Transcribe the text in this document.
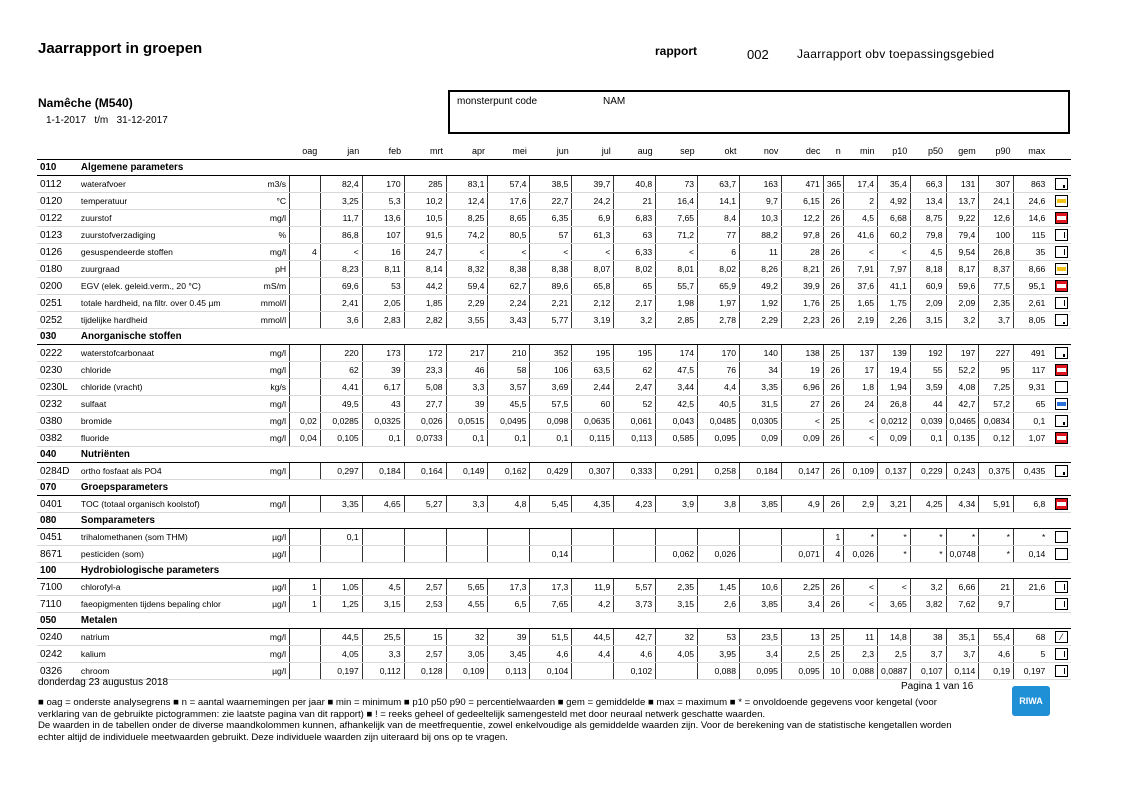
Jaarrapport in groepen	rapport	002 Jaarrapport obv toepassingsgebied
Namêche (M540)
1-1-2017 t/m 31-12-2017
monsterpunt code	NAM
			oag	jan	feb	mrt	apr	mei	jun	jul	aug	sep	okt	nov	dec	n	min	p10	p50	gem	p90	max	
010	Algemene parameters																						
0112	waterafvoer	m3/s		82,4	170	285	83,1	57,4	38,5	39,7	40,8	73	63,7	163	471	365	17,4	35,4	66,3	131	307	863	

0120	temperatuur	°C		3,25	5,3	10,2	12,4	17,6	22,7	24,2	21	16,4	14,1	9,7	6,15	26	2	4,92	13,4	13,7	24,1	24,6	

0122	zuurstof	mg/l		11,7	13,6	10,5	8,25	8,65	6,35	6,9	6,83	7,65	8,4	10,3	12,2	26	4,5	6,68	8,75	9,22	12,6	14,6	

0123	zuurstofverzadiging	%		86,8	107	91,5	74,2	80,5	57	61,3	63	71,2	77	88,2	97,8	26	41,6	60,2	79,8	79,4	100	115	

0126	gesuspendeerde stoffen	mg/l	4	<	16	24,7	<	<	<	<	6,33	<	6	11	28	26	<	<	4,5	9,54	26,8	35	

0180	zuurgraad	pH		8,23	8,11	8,14	8,32	8,38	8,38	8,07	8,02	8,01	8,02	8,26	8,21	26	7,91	7,97	8,18	8,17	8,37	8,66	

0200	EGV (elek. geleid.verm., 20 °C)	mS/m		69,6	53	44,2	59,4	62,7	89,6	65,8	65	55,7	65,9	49,2	39,9	26	37,6	41,1	60,9	59,6	77,5	95,1	

0251	totale hardheid, na filtr. over 0.45 µm	mmol/l		2,41	2,05	1,85	2,29	2,24	2,21	2,12	2,17	1,98	1,97	1,92	1,76	25	1,65	1,75	2,09	2,09	2,35	2,61	

0252	tijdelijke hardheid	mmol/l		3,6	2,83	2,82	3,55	3,43	5,77	3,19	3,2	2,85	2,78	2,29	2,23	26	2,19	2,26	3,15	3,2	3,7	8,05	

030	Anorganische stoffen																						
0222	waterstofcarbonaat	mg/l		220	173	172	217	210	352	195	195	174	170	140	138	25	137	139	192	197	227	491	

0230	chloride	mg/l		62	39	23,3	46	58	106	63,5	62	47,5	76	34	19	26	17	19,4	55	52,2	95	117	

0230L	chloride (vracht)	kg/s		4,41	6,17	5,08	3,3	3,57	3,69	2,44	2,47	3,44	4,4	3,35	6,96	26	1,8	1,94	3,59	4,08	7,25	9,31	
0232	sulfaat	mg/l		49,5	43	27,7	39	45,5	57,5	60	52	42,5	40,5	31,5	27	26	24	26,8	44	42,7	57,2	65	

0380	bromide	mg/l	0,02	0,0285	0,0325	0,026	0,0515	0,0495	0,098	0,0635	0,061	0,043	0,0485	0,0305	<	25	<	0,0212	0,039	0,0465	0,0834	0,1	

0382	fluoride	mg/l	0,04	0,105	0,1	0,0733	0,1	0,1	0,1	0,115	0,113	0,585	0,095	0,09	0,09	26	<	0,09	0,1	0,135	0,12	1,07	

040	Nutriënten																						
0284D	ortho fosfaat als PO4	mg/l		0,297	0,184	0,164	0,149	0,162	0,429	0,307	0,333	0,291	0,258	0,184	0,147	26	0,109	0,137	0,229	0,243	0,375	0,435	

070	Groepsparameters																						
0401	TOC (totaal organisch koolstof)	mg/l		3,35	4,65	5,27	3,3	4,8	5,45	4,35	4,23	3,9	3,8	3,85	4,9	26	2,9	3,21	4,25	4,34	5,91	6,8	

080	Somparameters																						
0451	trihalomethanen (som THM)	µg/l		0,1												1	*	*	*	*	*	*	
8671	pesticiden (som)	µg/l							0,14			0,062	0,026		0,071	4	0,026	*	*	0,0748	*	0,14	
100	Hydrobiologische parameters																						
7100	chlorofyl-a	µg/l	1	1,05	4,5	2,57	5,65	17,3	17,3	11,9	5,57	2,35	1,45	10,6	2,25	26	<	<	3,2	6,66	21	21,6	

7110	faeopigmenten tijdens bepaling chlor	µg/l	1	1,25	3,15	2,53	4,55	6,5	7,65	4,2	3,73	3,15	2,6	3,85	3,4	26	<	3,65	3,82	7,62	9,7		

050	Metalen																						
0240	natrium	mg/l		44,5	25,5	15	32	39	51,5	44,5	42,7	32	53	23,5	13	25	11	14,8	38	35,1	55,4	68	⁄
0242	kalium	mg/l		4,05	3,3	2,57	3,05	3,45	4,6	4,4	4,6	4,05	3,95	3,4	2,5	25	2,3	2,5	3,7	3,7	4,6	5	

0326	chroom	µg/l		0,197	0,112	0,128	0,109	0,113	0,104		0,102		0,088	0,095	0,095	10	0,088	0,0887	0,107	0,114	0,19	0,197	
donderdag 23 augustus 2018	Pagina 1 van 16
■ oag = onderste analysegrens ■ n = aantal waarnemingen per jaar ■ min = minimum ■ p10 p50 p90 = percentielwaarden ■ gem = gemiddelde ■ max = maximum ■ * = onvoldoende gegevens voor kengetal (voor verklaring van de gebruikte pictogrammen: zie laatste pagina van dit rapport) ■ ! = reeks geheel of gedeeltelijk samengesteld met door neuraal netwerk geschatte waarden.
De waarden in de tabellen onder de diverse maandkolommen kunnen, afhankelijk van de meetfrequentie, zowel enkelvoudige als gemiddelde waarden zijn. Voor de berekening van de statistische kengetallen worden echter altijd de individuele meetwaarden gebruikt. Deze individuele waarden zijn uiteraard bij ons op te vragen.
RIWA
